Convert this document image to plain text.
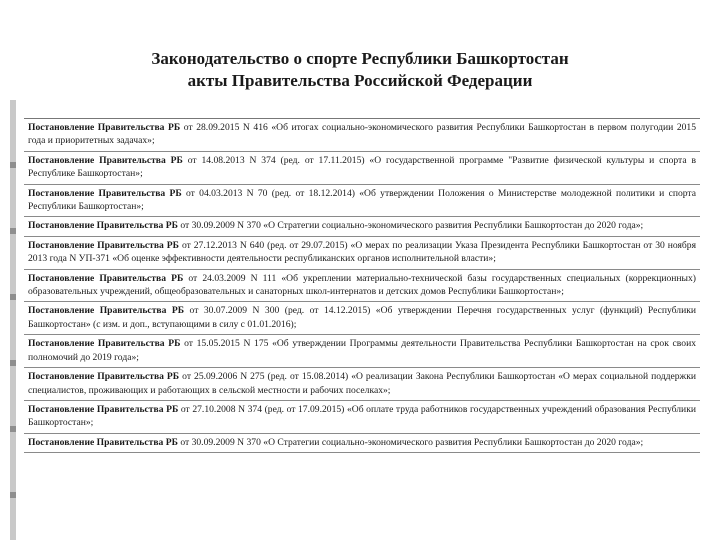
Законодательство о спорте Республики Башкортостан
акты Правительства Российской Федерации
Постановление Правительства РБ от 28.09.2015 N 416 «Об итогах социально-экономического развития Республики Башкортостан в первом полугодии 2015 года и приоритетных задачах»;
Постановление Правительства РБ от 14.08.2013 N 374 (ред. от 17.11.2015) «О государственной программе "Развитие физической культуры и спорта в Республике Башкортостан»;
Постановление Правительства РБ от 04.03.2013 N 70 (ред. от 18.12.2014) «Об утверждении Положения о Министерстве молодежной политики и спорта Республики Башкортостан»;
Постановление Правительства РБ от 30.09.2009 N 370 «О Стратегии социально-экономического развития Республики Башкортостан до 2020 года»;
Постановление Правительства РБ от 27.12.2013 N 640 (ред. от 29.07.2015) «О мерах по реализации Указа Президента Республики Башкортостан от 30 ноября 2013 года N УП-371 «Об оценке эффективности деятельности республиканских органов исполнительной власти»;
Постановление Правительства РБ от 24.03.2009 N 111 «Об укреплении материально-технической базы государственных специальных (коррекционных) образовательных учреждений, общеобразовательных и санаторных школ-интернатов и детских домов Республики Башкортостан»;
Постановление Правительства РБ от 30.07.2009 N 300 (ред. от 14.12.2015) «Об утверждении Перечня государственных услуг (функций) Республики Башкортостан» (с изм. и доп., вступающими в силу с 01.01.2016);
Постановление Правительства РБ от 15.05.2015 N 175 «Об утверждении Программы деятельности Правительства Республики Башкортостан на срок своих полномочий до 2019 года»;
Постановление Правительства РБ от 25.09.2006 N 275 (ред. от 15.08.2014) «О реализации Закона Республики Башкортостан «О мерах социальной поддержки специалистов, проживающих и работающих в сельской местности и рабочих поселках»;
Постановление Правительства РБ от 27.10.2008 N 374 (ред. от 17.09.2015) «Об оплате труда работников государственных учреждений образования Республики Башкортостан»;
Постановление Правительства РБ от 30.09.2009 N 370 «О Стратегии социально-экономического развития Республики Башкортостан до 2020 года»;
